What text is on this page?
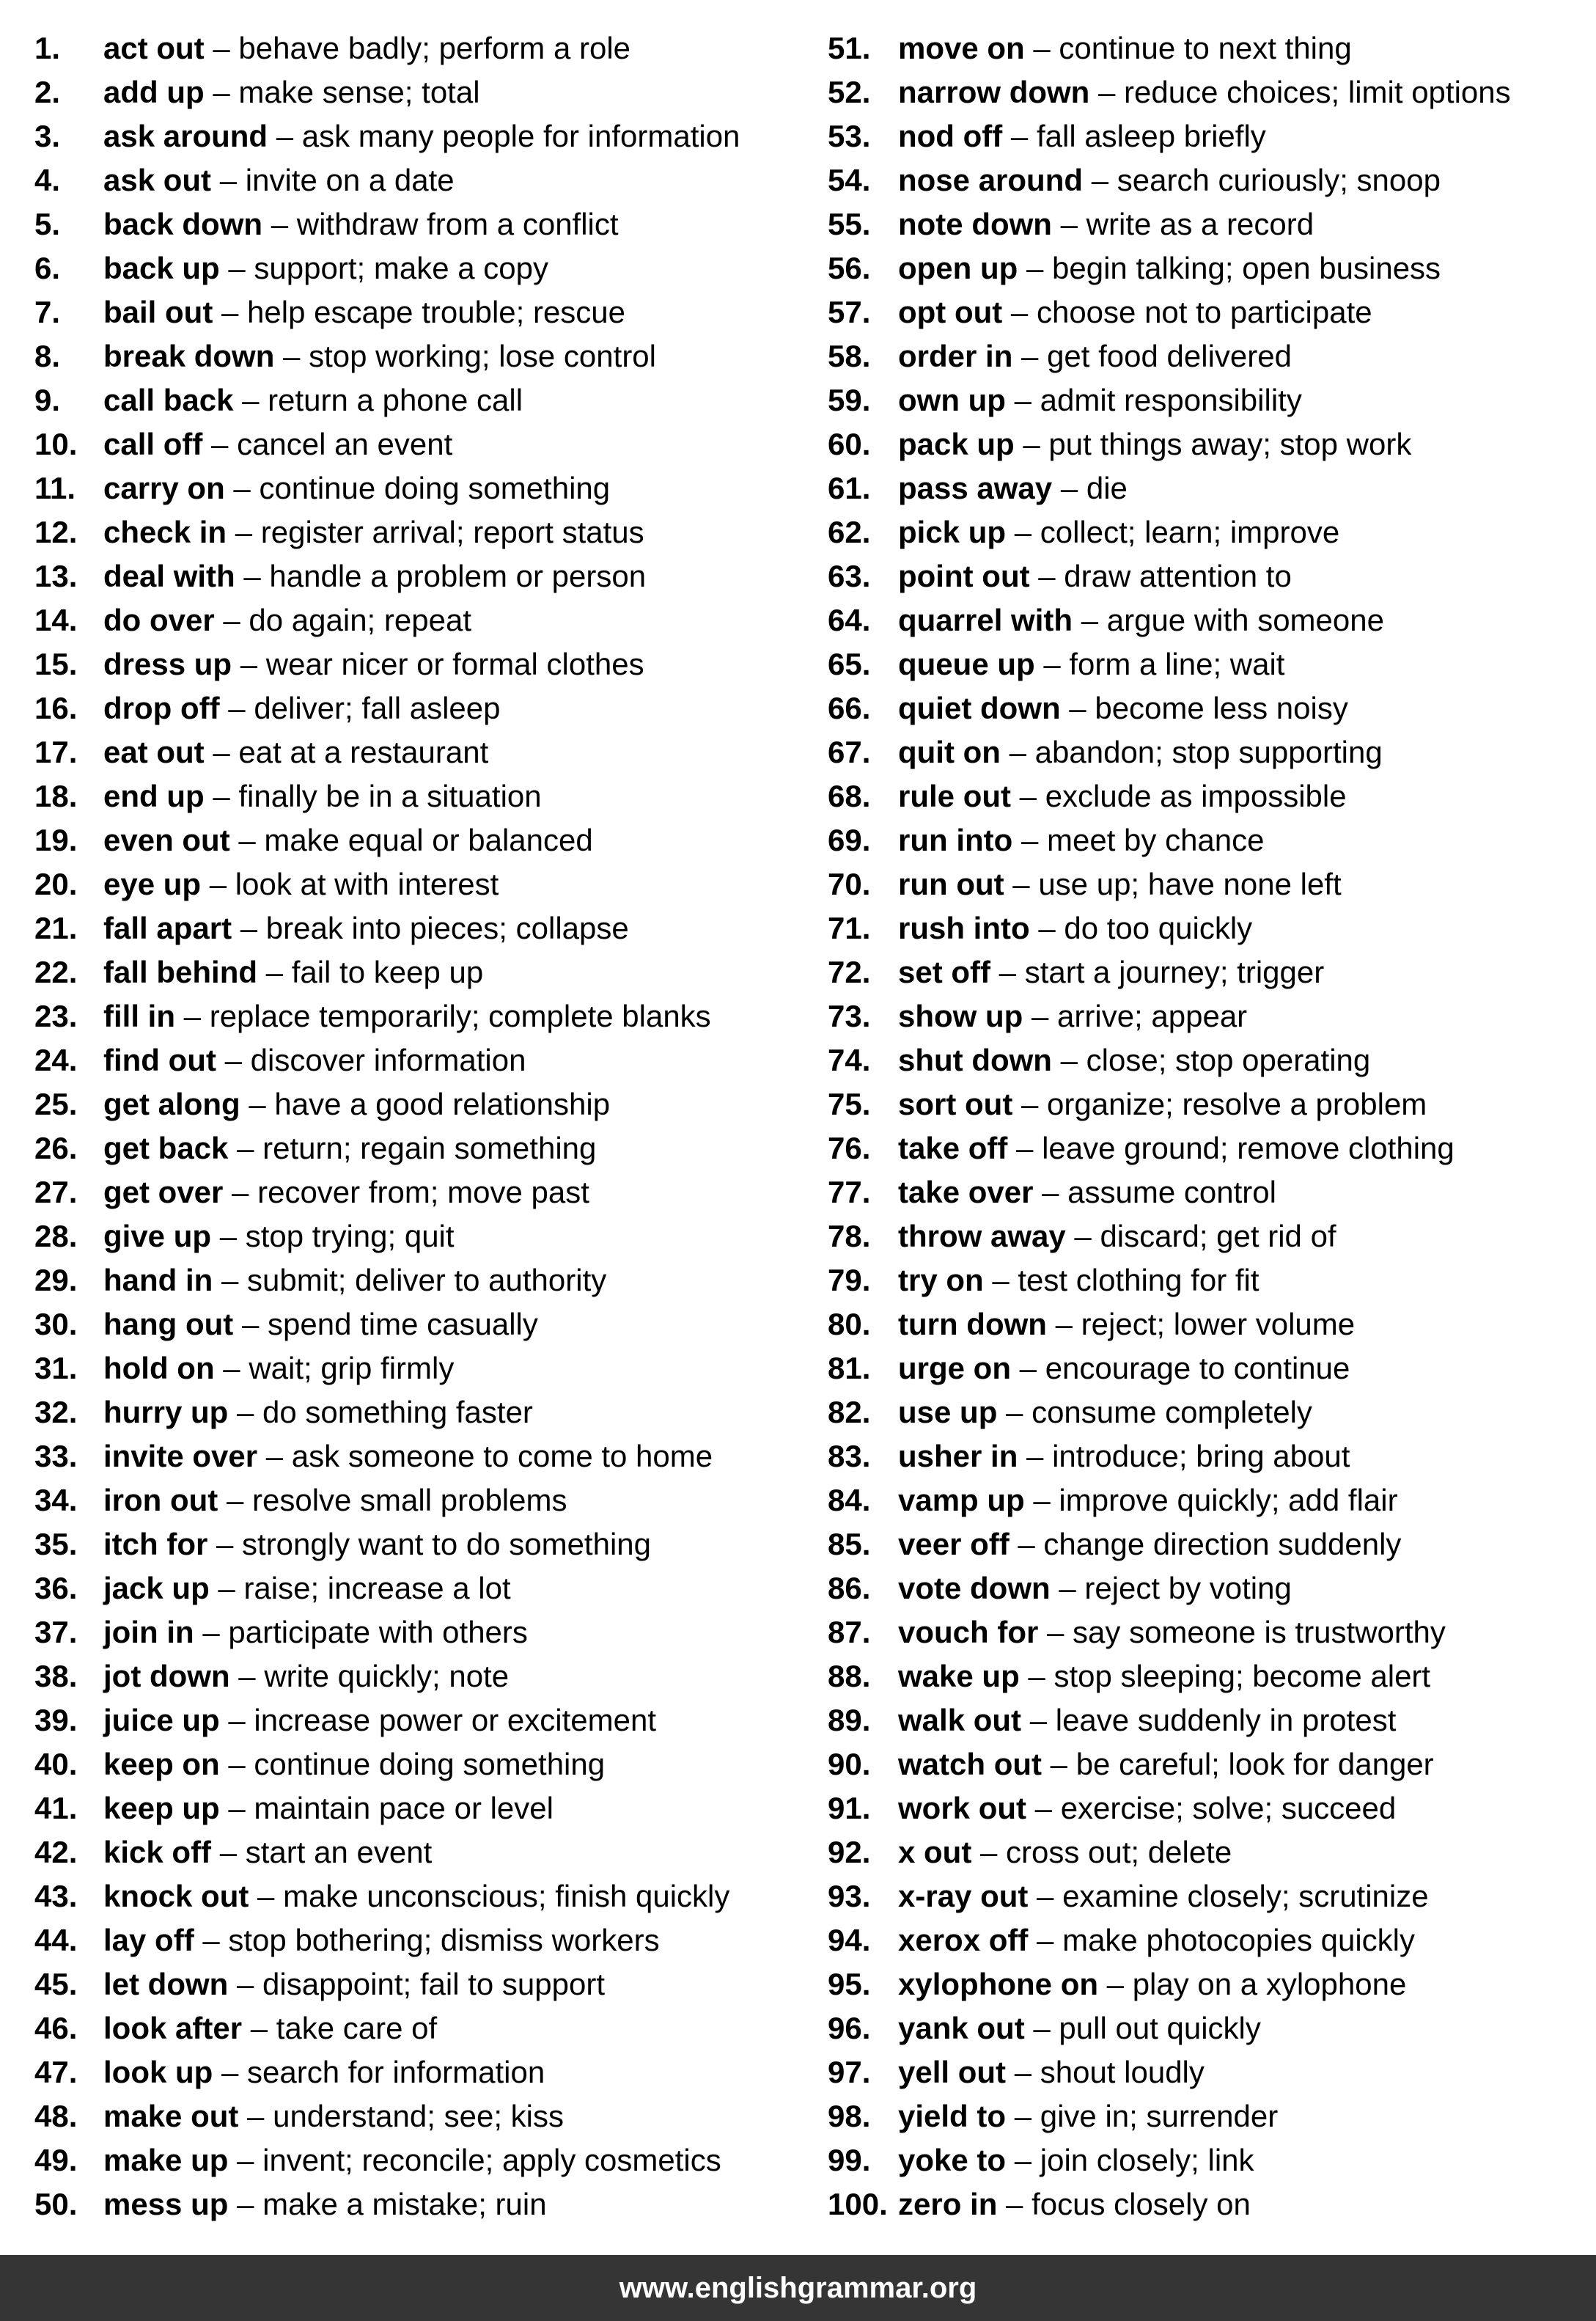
1. act out – behave badly; perform a role
2. add up – make sense; total
3. ask around – ask many people for information
4. ask out – invite on a date
5. back down – withdraw from a conflict
6. back up – support; make a copy
7. bail out – help escape trouble; rescue
8. break down – stop working; lose control
9. call back – return a phone call
10. call off – cancel an event
11. carry on – continue doing something
12. check in – register arrival; report status
13. deal with – handle a problem or person
14. do over – do again; repeat
15. dress up – wear nicer or formal clothes
16. drop off – deliver; fall asleep
17. eat out – eat at a restaurant
18. end up – finally be in a situation
19. even out – make equal or balanced
20. eye up – look at with interest
21. fall apart – break into pieces; collapse
22. fall behind – fail to keep up
23. fill in – replace temporarily; complete blanks
24. find out – discover information
25. get along – have a good relationship
26. get back – return; regain something
27. get over – recover from; move past
28. give up – stop trying; quit
29. hand in – submit; deliver to authority
30. hang out – spend time casually
31. hold on – wait; grip firmly
32. hurry up – do something faster
33. invite over – ask someone to come to home
34. iron out – resolve small problems
35. itch for – strongly want to do something
36. jack up – raise; increase a lot
37. join in – participate with others
38. jot down – write quickly; note
39. juice up – increase power or excitement
40. keep on – continue doing something
41. keep up – maintain pace or level
42. kick off – start an event
43. knock out – make unconscious; finish quickly
44. lay off – stop bothering; dismiss workers
45. let down – disappoint; fail to support
46. look after – take care of
47. look up – search for information
48. make out – understand; see; kiss
49. make up – invent; reconcile; apply cosmetics
50. mess up – make a mistake; ruin
51. move on – continue to next thing
52. narrow down – reduce choices; limit options
53. nod off – fall asleep briefly
54. nose around – search curiously; snoop
55. note down – write as a record
56. open up – begin talking; open business
57. opt out – choose not to participate
58. order in – get food delivered
59. own up – admit responsibility
60. pack up – put things away; stop work
61. pass away – die
62. pick up – collect; learn; improve
63. point out – draw attention to
64. quarrel with – argue with someone
65. queue up – form a line; wait
66. quiet down – become less noisy
67. quit on – abandon; stop supporting
68. rule out – exclude as impossible
69. run into – meet by chance
70. run out – use up; have none left
71. rush into – do too quickly
72. set off – start a journey; trigger
73. show up – arrive; appear
74. shut down – close; stop operating
75. sort out – organize; resolve a problem
76. take off – leave ground; remove clothing
77. take over – assume control
78. throw away – discard; get rid of
79. try on – test clothing for fit
80. turn down – reject; lower volume
81. urge on – encourage to continue
82. use up – consume completely
83. usher in – introduce; bring about
84. vamp up – improve quickly; add flair
85. veer off – change direction suddenly
86. vote down – reject by voting
87. vouch for – say someone is trustworthy
88. wake up – stop sleeping; become alert
89. walk out – leave suddenly in protest
90. watch out – be careful; look for danger
91. work out – exercise; solve; succeed
92. x out – cross out; delete
93. x-ray out – examine closely; scrutinize
94. xerox off – make photocopies quickly
95. xylophone on – play on a xylophone
96. yank out – pull out quickly
97. yell out – shout loudly
98. yield to – give in; surrender
99. yoke to – join closely; link
100. zero in – focus closely on
www.englishgrammar.org
